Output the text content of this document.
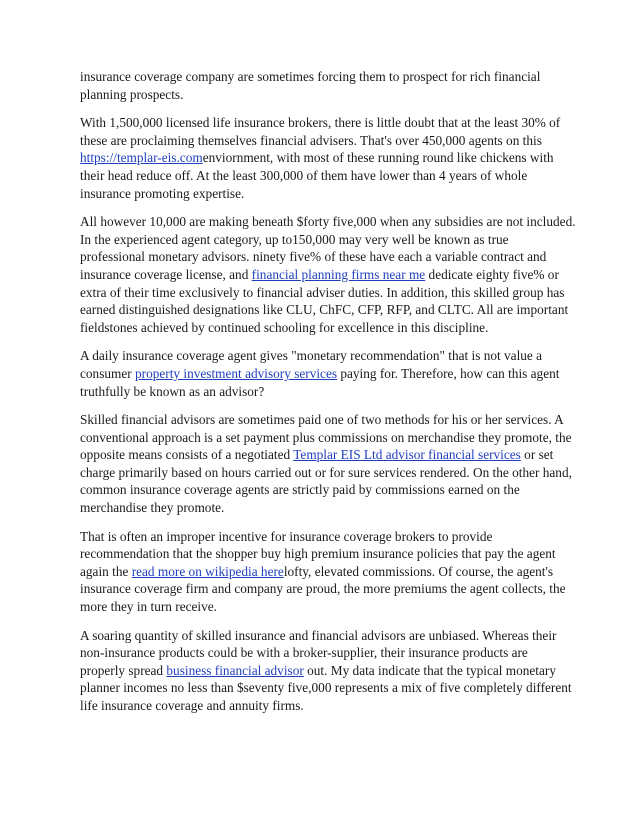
insurance coverage company are sometimes forcing them to prospect for rich financial planning prospects.

With 1,500,000 licensed life insurance brokers, there is little doubt that at the least 30% of these are proclaiming themselves financial advisers. That's over 450,000 agents on this https://templar-eis.comenviornment, with most of these running round like chickens with their head reduce off. At the least 300,000 of them have lower than 4 years of whole insurance promoting expertise.

All however 10,000 are making beneath $forty five,000 when any subsidies are not included. In the experienced agent category, up to150,000 may very well be known as true professional monetary advisors. ninety five% of these have each a variable contract and insurance coverage license, and financial planning firms near me dedicate eighty five% or extra of their time exclusively to financial adviser duties. In addition, this skilled group has earned distinguished designations like CLU, ChFC, CFP, RFP, and CLTC. All are important fieldstones achieved by continued schooling for excellence in this discipline.

A daily insurance coverage agent gives "monetary recommendation" that is not value a consumer property investment advisory services paying for. Therefore, how can this agent truthfully be known as an advisor?

Skilled financial advisors are sometimes paid one of two methods for his or her services. A conventional approach is a set payment plus commissions on merchandise they promote, the opposite means consists of a negotiated Templar EIS Ltd advisor financial services or set charge primarily based on hours carried out or for sure services rendered. On the other hand, common insurance coverage agents are strictly paid by commissions earned on the merchandise they promote.

That is often an improper incentive for insurance coverage brokers to provide recommendation that the shopper buy high premium insurance policies that pay the agent again the read more on wikipedia herelofty, elevated commissions. Of course, the agent's insurance coverage firm and company are proud, the more premiums the agent collects, the more they in turn receive.

A soaring quantity of skilled insurance and financial advisors are unbiased. Whereas their non-insurance products could be with a broker-supplier, their insurance products are properly spread business financial advisor out. My data indicate that the typical monetary planner incomes no less than $seventy five,000 represents a mix of five completely different life insurance coverage and annuity firms.
